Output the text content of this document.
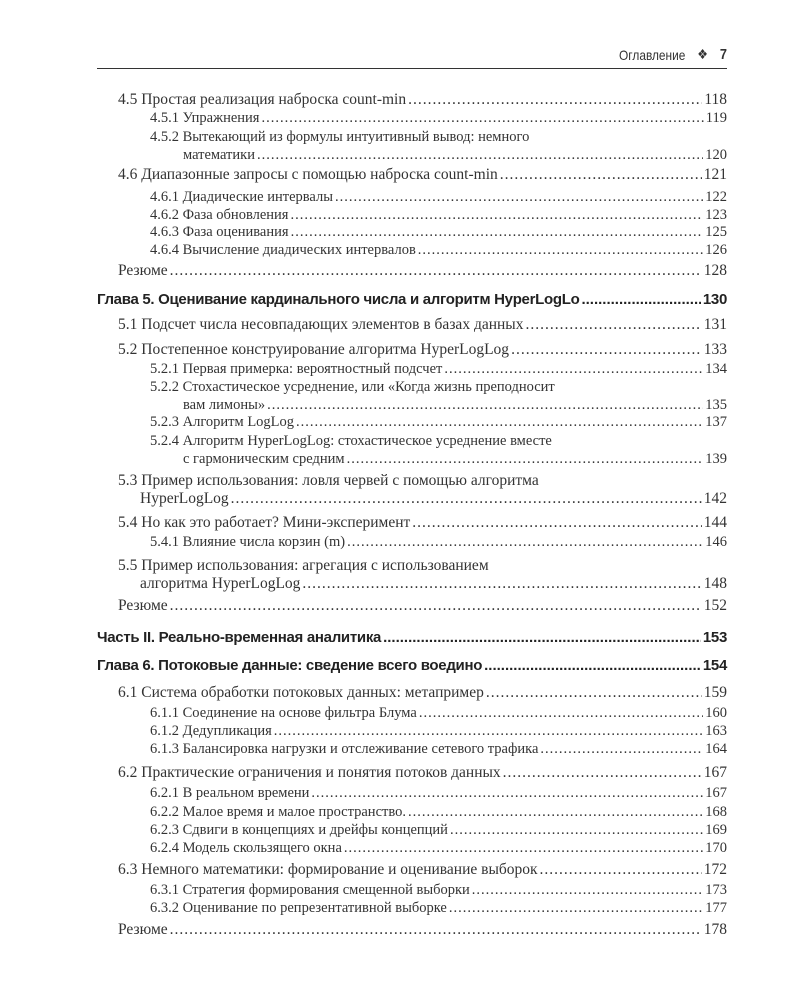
Оглавление ❖ 7
4.5 Простая реализация наброска count-min .....	118
4.5.1 Упражнения .....	119
4.5.2 Вытекающий из формулы интуитивный вывод: немного
математики .....	120
4.6 Диапазонные запросы с помощью наброска count-min .....	121
4.6.1 Диадические интервалы .....	122
4.6.2 Фаза обновления .....	123
4.6.3 Фаза оценивания .....	125
4.6.4 Вычисление диадических интервалов .....	126
Резюме .....	128
Глава 5. Оценивание кардинального числа и алгоритм HyperLogLo .....	130
5.1 Подсчет числа несовпадающих элементов в базах данных .....	131
5.2 Постепенное конструирование алгоритма HyperLogLog .....	133
5.2.1 Первая примерка: вероятностный подсчет .....	134
5.2.2 Стохастическое усреднение, или «Когда жизнь преподносит
вам лимоны» .....	135
5.2.3 Алгоритм LogLog .....	137
5.2.4 Алгоритм HyperLogLog: стохастическое усреднение вместе
с гармоническим средним .....	139
5.3 Пример использования: ловля червей с помощью алгоритма
HyperLogLog .....	142
5.4 Но как это работает? Мини-эксперимент .....	144
5.4.1 Влияние числа корзин (m) .....	146
5.5 Пример использования: агрегация с использованием
алгоритма HyperLogLog .....	148
Резюме .....	152
Часть II. Реально-временная аналитика .....	153
Глава 6. Потоковые данные: сведение всего воедино .....	154
6.1 Система обработки потоковых данных: метапример .....	159
6.1.1 Соединение на основе фильтра Блума .....	160
6.1.2 Дедупликация .....	163
6.1.3 Балансировка нагрузки и отслеживание сетевого трафика .....	164
6.2 Практические ограничения и понятия потоков данных .....	167
6.2.1 В реальном времени .....	167
6.2.2 Малое время и малое пространство. .....	168
6.2.3 Сдвиги в концепциях и дрейфы концепций .....	169
6.2.4 Модель скользящего окна .....	170
6.3 Немного математики: формирование и оценивание выборок .....	172
6.3.1 Стратегия формирования смещенной выборки .....	173
6.3.2 Оценивание по репрезентативной выборке .....	177
Резюме .....	178
